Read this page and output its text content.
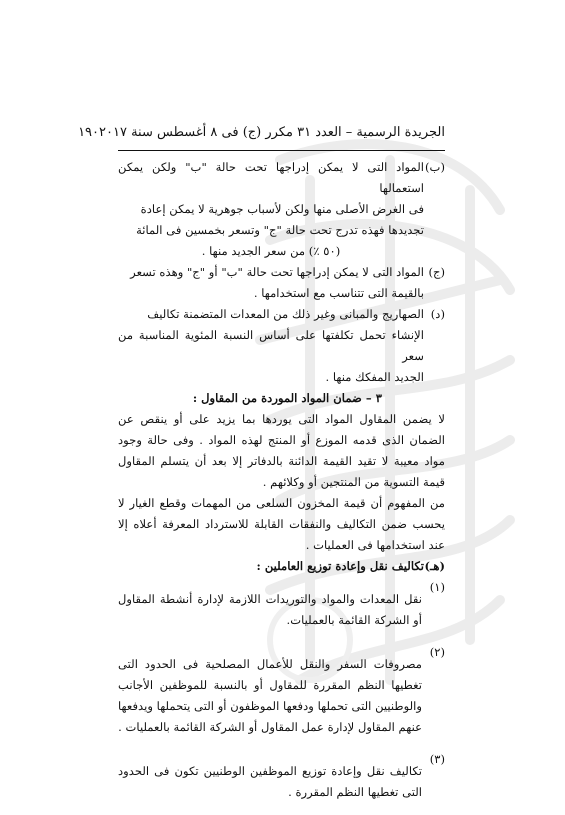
الجريدة الرسمية – العدد ٣١ مكرر (ج) فى ٨ أغسطس سنة ٢٠١٧
١٩٠
(ب)

المواد التى لا يمكن إدراجها تحت حالة "ب" ولكن يمكن استعمالها

فى الغرض الأصلى منها ولكن لأسباب جوهرية لا يمكن إعادة

تجديدها فهذه تدرج تحت حالة "ج" وتسعر بخمسين فى المائة

(٥٠ ٪) من سعر الجديد منها .

(ج)

المواد التى لا يمكن إدراجها تحت حالة "ب" أو "ج" وهذه تسعر

بالقيمة التى تتناسب مع استخدامها .

(د)

الصهاريج والمبانى وغير ذلك من المعدات المتضمنة تكاليف

الإنشاء تحمل تكلفتها على أساس النسبة المئوية المناسبة من سعر

الجديد المفكك منها .

٣ – ضمان المواد الموردة من المقاول :

لا يضمن المقاول المواد التى يوردها بما يزيد على أو ينقص عن الضمان الذى قدمه الموزع أو المنتج لهذه المواد . وفى حالة وجود مواد معيبة لا تقيد القيمة الدائنة بالدفاتر إلا بعد أن يتسلم المقاول قيمة التسوية من المنتجين أو وكلائهم .

من المفهوم أن قيمة المخزون السلعى من المهمات وقطع الغيار لا يحسب ضمن التكاليف والنفقات القابلة للاسترداد المعرفة أعلاه إلا عند استخدامها فى العمليات .

(هـ)
تكاليف نقل وإعادة توزيع العاملين :
(١)

نقل المعدات والمواد والتوريدات اللازمة لإدارة أنشطة المقاول أو الشركة القائمة بالعمليات.

(٢)

مصروفات السفر والنقل للأعمال المصلحية فى الحدود التى تغطيها النظم المقررة للمقاول أو بالنسبة للموظفين الأجانب والوطنيين التى تحملها ودفعها الموظفون أو التى يتحملها ويدفعها عنهم المقاول لإدارة عمل المقاول أو الشركة القائمة بالعمليات .

(٣)

تكاليف نقل وإعادة توزيع الموظفين الوطنيين تكون فى الحدود التى تغطيها النظم المقررة .
